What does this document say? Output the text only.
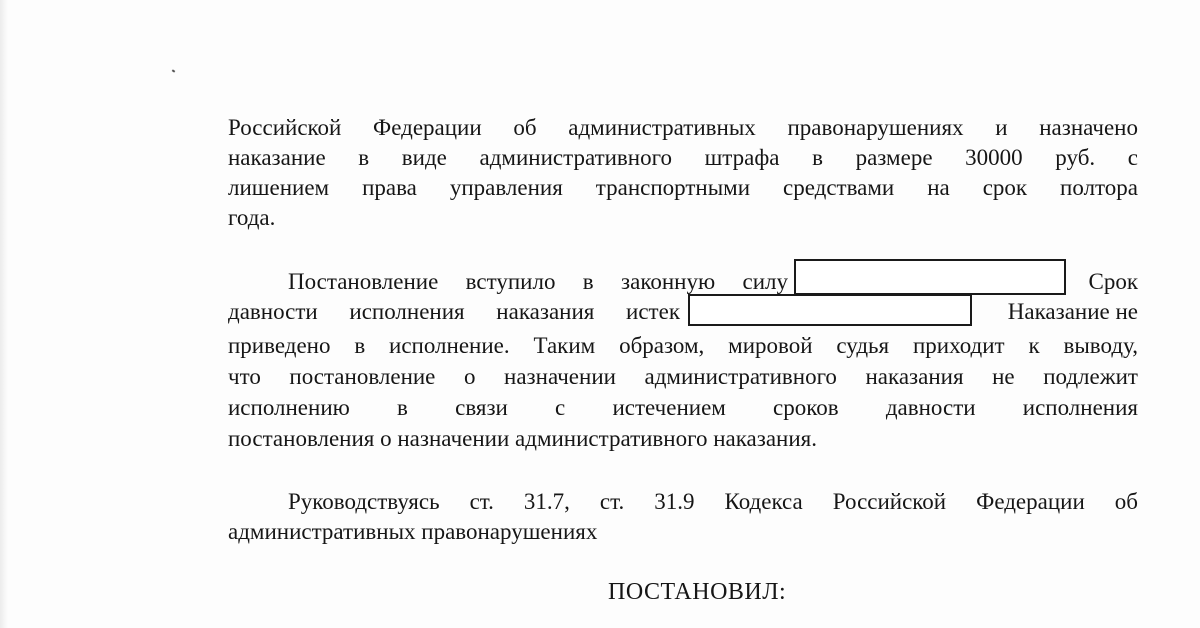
Российской Федерации об административных правонарушениях и назначено
наказание в виде административного штрафа в размере 30000 руб. с
лишением права управления транспортными средствами на срок полтора
года.
Постановление вступило в законную силу	Срок
давности исполнения наказания истек	Наказание не
приведено в исполнение. Таким образом, мировой судья приходит к выводу,
что постановление о назначении административного наказания не подлежит
исполнению в связи с истечением сроков давности исполнения
постановления о назначении административного наказания.
Руководствуясь ст. 31.7, ст. 31.9 Кодекса Российской Федерации об
административных правонарушениях
ПОСТАНОВИЛ:
